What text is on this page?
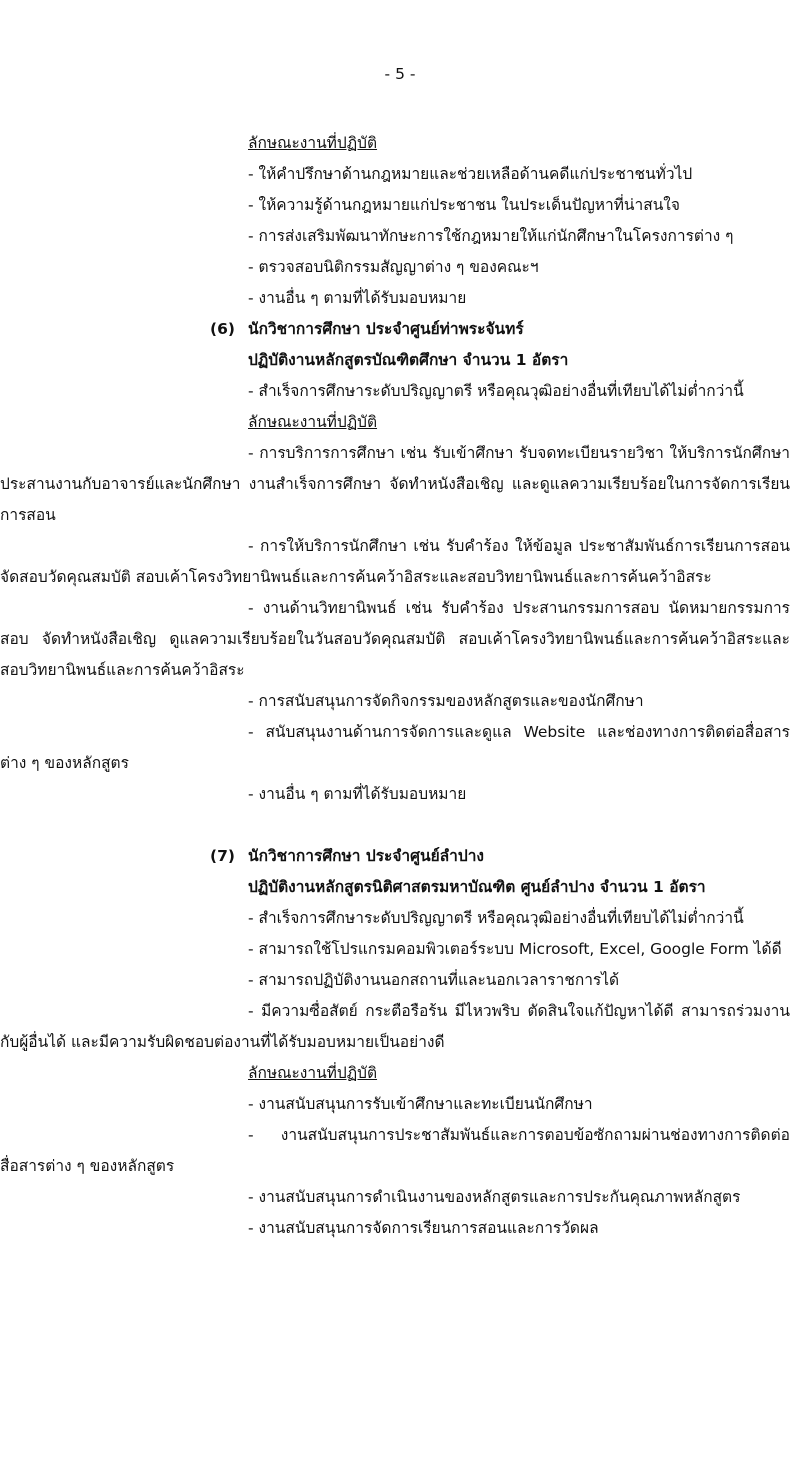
- 5 -
ลักษณะงานที่ปฏิบัติ
- ให้คำปรึกษาด้านกฎหมายและช่วยเหลือด้านคดีแก่ประชาชนทั่วไป
- ให้ความรู้ด้านกฎหมายแก่ประชาชน ในประเด็นปัญหาที่น่าสนใจ
- การส่งเสริมพัฒนาทักษะการใช้กฎหมายให้แก่นักศึกษาในโครงการต่าง ๆ
- ตรวจสอบนิติกรรมสัญญาต่าง ๆ ของคณะฯ
- งานอื่น ๆ ตามที่ได้รับมอบหมาย
(6) นักวิชาการศึกษา ประจำศูนย์ท่าพระจันทร์
ปฏิบัติงานหลักสูตรบัณฑิตศึกษา จำนวน 1 อัตรา
- สำเร็จการศึกษาระดับปริญญาตรี หรือคุณวุฒิอย่างอื่นที่เทียบได้ไม่ต่ำกว่านี้
ลักษณะงานที่ปฏิบัติ
- การบริการการศึกษา เช่น รับเข้าศึกษา รับจดทะเบียนรายวิชา ให้บริการนักศึกษา ประสานงานกับอาจารย์และนักศึกษา งานสำเร็จการศึกษา จัดทำหนังสือเชิญ และดูแลความเรียบร้อยในการจัดการเรียนการสอน
- การให้บริการนักศึกษา เช่น รับคำร้อง ให้ข้อมูล ประชาสัมพันธ์การเรียนการสอน จัดสอบวัดคุณสมบัติ สอบเค้าโครงวิทยานิพนธ์และการค้นคว้าอิสระและสอบวิทยานิพนธ์และการค้นคว้าอิสระ
- งานด้านวิทยานิพนธ์ เช่น รับคำร้อง ประสานกรรมการสอบ นัดหมายกรรมการสอบ จัดทำหนังสือเชิญ ดูแลความเรียบร้อยในวันสอบวัดคุณสมบัติ สอบเค้าโครงวิทยานิพนธ์และการค้นคว้าอิสระและสอบวิทยานิพนธ์และการค้นคว้าอิสระ
- การสนับสนุนการจัดกิจกรรมของหลักสูตรและของนักศึกษา
- สนับสนุนงานด้านการจัดการและดูแล Website และช่องทางการติดต่อสื่อสารต่าง ๆ ของหลักสูตร
- งานอื่น ๆ ตามที่ได้รับมอบหมาย
(7) นักวิชาการศึกษา ประจำศูนย์ลำปาง
ปฏิบัติงานหลักสูตรนิติศาสตรมหาบัณฑิต ศูนย์ลำปาง จำนวน 1 อัตรา
- สำเร็จการศึกษาระดับปริญญาตรี หรือคุณวุฒิอย่างอื่นที่เทียบได้ไม่ต่ำกว่านี้
- สามารถใช้โปรแกรมคอมพิวเตอร์ระบบ Microsoft, Excel, Google Form ได้ดี
- สามารถปฏิบัติงานนอกสถานที่และนอกเวลาราชการได้
- มีความซื่อสัตย์ กระตือรือร้น มีไหวพริบ ตัดสินใจแก้ปัญหาได้ดี สามารถร่วมงานกับผู้อื่นได้ และมีความรับผิดชอบต่องานที่ได้รับมอบหมายเป็นอย่างดี
ลักษณะงานที่ปฏิบัติ
- งานสนับสนุนการรับเข้าศึกษาและทะเบียนนักศึกษา
- งานสนับสนุนการประชาสัมพันธ์และการตอบข้อซักถามผ่านช่องทางการติดต่อสื่อสารต่าง ๆ ของหลักสูตร
- งานสนับสนุนการดำเนินงานของหลักสูตรและการประกันคุณภาพหลักสูตร
- งานสนับสนุนการจัดการเรียนการสอนและการวัดผล
